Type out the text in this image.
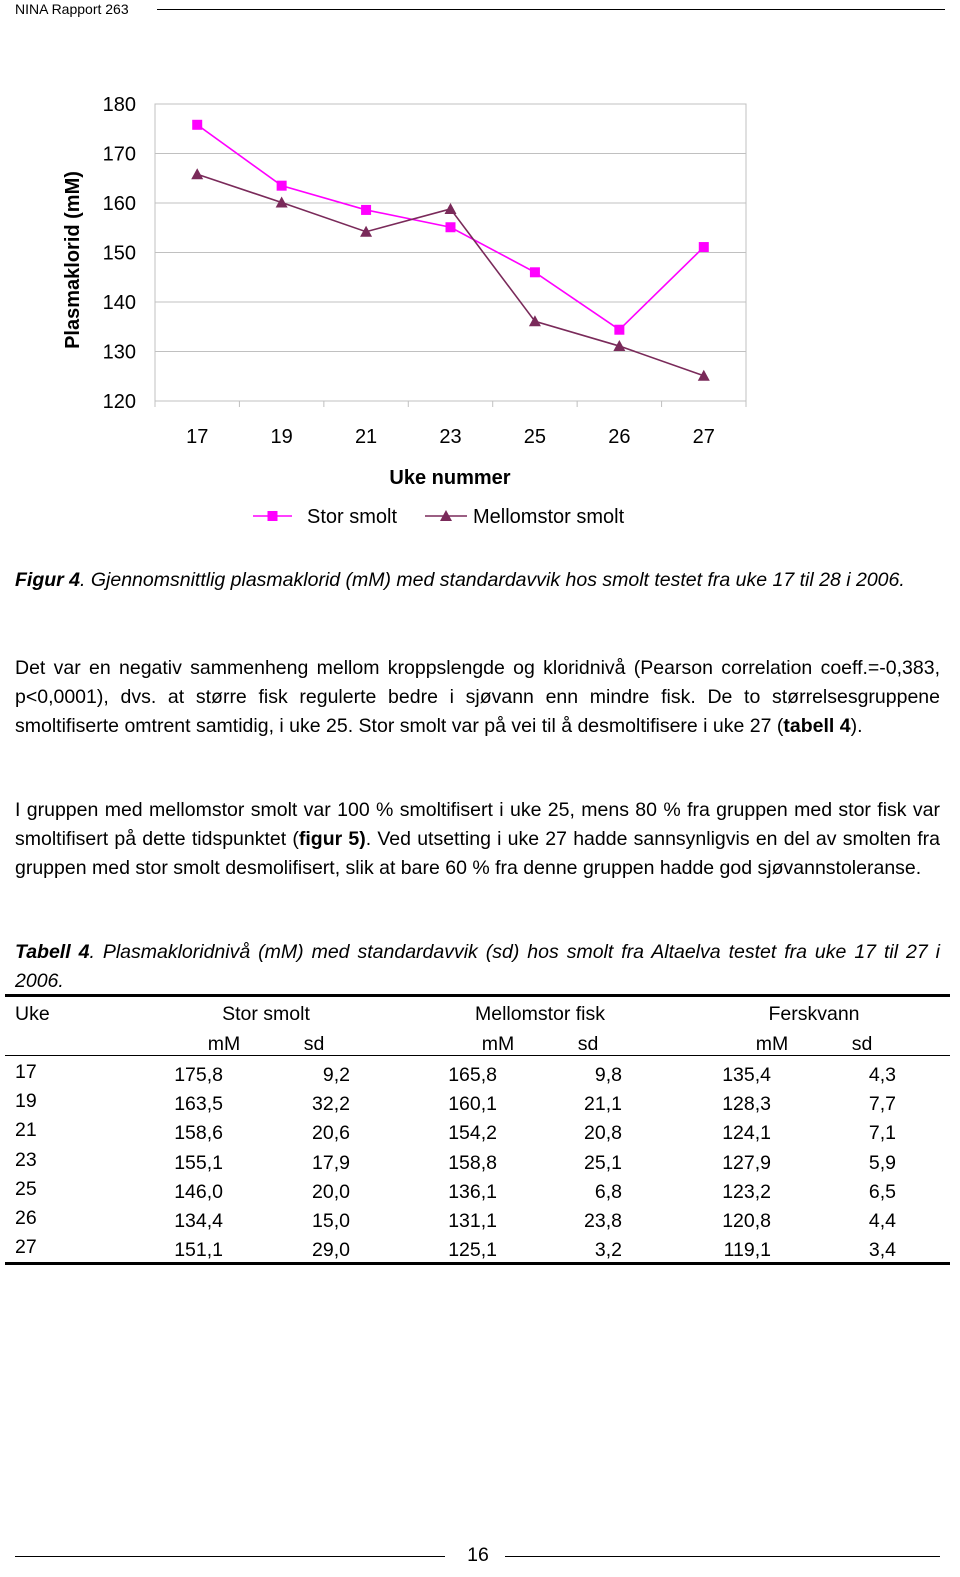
NINA Rapport 263
120
130
140
150
160
170
180
17	19	21	23	25	26	27
Plasmaklorid (mM)
Uke nummer
Stor smolt	Mellomstor smolt
Figur 4. Gjennomsnittlig plasmaklorid (mM) med standardavvik hos smolt testet fra uke 17 til 28 i 2006.
Det var en negativ sammenheng mellom kroppslengde og kloridnivå (Pearson correlation coeff.=-0,383, p<0,0001), dvs. at større fisk regulerte bedre i sjøvann enn mindre fisk. De to størrelsesgruppene smoltifiserte omtrent samtidig, i uke 25. Stor smolt var på vei til å desmoltifisere i uke 27 (tabell 4).
I gruppen med mellomstor smolt var 100 % smoltifisert i uke 25, mens 80 % fra gruppen med stor fisk var smoltifisert på dette tidspunktet (figur 5). Ved utsetting i uke 27 hadde sannsynligvis en del av smolten fra gruppen med stor smolt desmolifisert, slik at bare 60 % fra denne gruppen hadde god sjøvannstoleranse.
Tabell 4. Plasmakloridnivå (mM) med standardavvik (sd) hos smolt fra Altaelva testet fra uke 17 til 27 i 2006.
Uke	Stor smolt	Mellomstor fisk	Ferskvann
mM	sd	mM	sd	mM	sd
17	175,8	9,2	165,8	9,8	135,4	4,3
19	163,5	32,2	160,1	21,1	128,3	7,7
21	158,6	20,6	154,2	20,8	124,1	7,1
23	155,1	17,9	158,8	25,1	127,9	5,9
25	146,0	20,0	136,1	6,8	123,2	6,5
26	134,4	15,0	131,1	23,8	120,8	4,4
27	151,1	29,0	125,1	3,2	119,1	3,4
16
